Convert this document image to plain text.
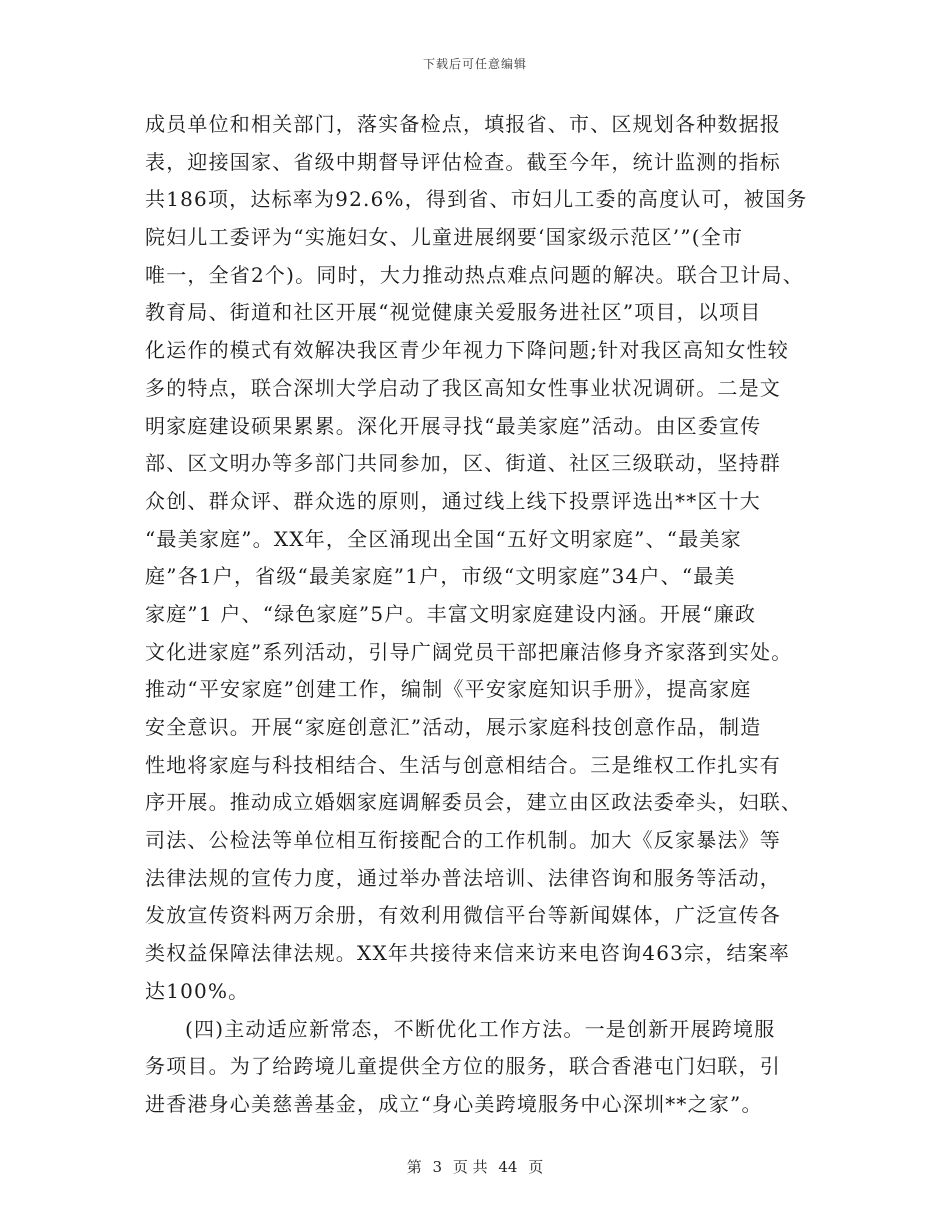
下载后可任意编辑
成员单位和相关部门，落实备检点，填报省、市、区规划各种数据报
表，迎接国家、省级中期督导评估检查。截至今年，统计监测的指标
共186项，达标率为92.6%，得到省、市妇儿工委的高度认可，被国务
院妇儿工委评为“实施妇女、儿童进展纲要‘国家级示范区’”(全市
唯一，全省2个)。同时，大力推动热点难点问题的解决。联合卫计局、
教育局、街道和社区开展“视觉健康关爱服务进社区”项目，以项目
化运作的模式有效解决我区青少年视力下降问题;针对我区高知女性较
多的特点，联合深圳大学启动了我区高知女性事业状况调研。二是文
明家庭建设硕果累累。深化开展寻找“最美家庭”活动。由区委宣传
部、区文明办等多部门共同参加，区、街道、社区三级联动，坚持群
众创、群众评、群众选的原则，通过线上线下投票评选出**区十大
“最美家庭”。XX年，全区涌现出全国“五好文明家庭”、“最美家
庭”各1户，省级“最美家庭”1户，市级“文明家庭”34户、“最美
家庭”1 户、“绿色家庭”5户。丰富文明家庭建设内涵。开展“廉政
文化进家庭”系列活动，引导广阔党员干部把廉洁修身齐家落到实处。
推动“平安家庭”创建工作，编制《平安家庭知识手册》，提高家庭
安全意识。开展“家庭创意汇”活动，展示家庭科技创意作品，制造
性地将家庭与科技相结合、生活与创意相结合。三是维权工作扎实有
序开展。推动成立婚姻家庭调解委员会，建立由区政法委牵头，妇联、
司法、公检法等单位相互衔接配合的工作机制。加大《反家暴法》等
法律法规的宣传力度，通过举办普法培训、法律咨询和服务等活动，
发放宣传资料两万余册，有效利用微信平台等新闻媒体，广泛宣传各
类权益保障法律法规。XX年共接待来信来访来电咨询463宗，结案率
达100%。
(四)主动适应新常态，不断优化工作方法。一是创新开展跨境服
务项目。为了给跨境儿童提供全方位的服务，联合香港屯门妇联，引
进香港身心美慈善基金，成立“身心美跨境服务中心深圳**之家”。
第 3 页 共 44 页
